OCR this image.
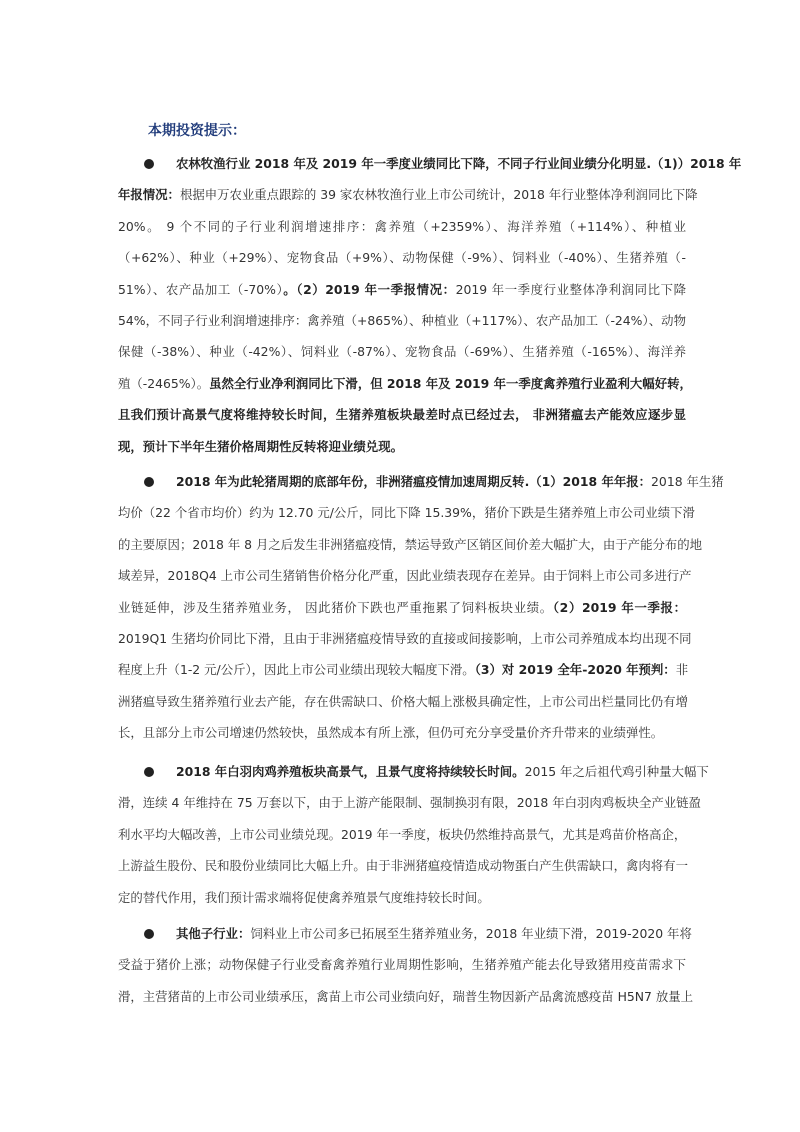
本期投资提示：
农林牧渔行业 2018 年及 2019 年一季度业绩同比下降，不同子行业间业绩分化明显.（1)）2018 年
年报情况：根据申万农业重点跟踪的 39 家农林牧渔行业上市公司统计，2018 年行业整体净利润同比下降
20%。 9 个不同的子行业利润增速排序：禽养殖（+2359%）、海洋养殖（+114%）、种植业
（+62%）、种业（+29%）、宠物食品（+9%）、动物保健（-9%）、饲料业（-40%）、生猪养殖（-
51%）、农产品加工（-70%）。（2）2019 年一季报情况：2019 年一季度行业整体净利润同比下降
54%，不同子行业利润增速排序：禽养殖（+865%）、种植业（+117%）、农产品加工（-24%）、动物
保健（-38%）、种业（-42%）、饲料业（-87%）、宠物食品（-69%）、生猪养殖（-165%）、海洋养
殖（-2465%）。虽然全行业净利润同比下滑，但 2018 年及 2019 年一季度禽养殖行业盈利大幅好转，
且我们预计高景气度将维持较长时间，生猪养殖板块最差时点已经过去， 非洲猪瘟去产能效应逐步显
现，预计下半年生猪价格周期性反转将迎业绩兑现。
2018 年为此轮猪周期的底部年份，非洲猪瘟疫情加速周期反转.（1）2018 年年报：2018 年生猪
均价（22 个省市均价）约为 12.70 元/公斤，同比下降 15.39%，猪价下跌是生猪养殖上市公司业绩下滑
的主要原因；2018 年 8 月之后发生非洲猪瘟疫情，禁运导致产区销区间价差大幅扩大，由于产能分布的地
域差异，2018Q4 上市公司生猪销售价格分化严重，因此业绩表现存在差异。由于饲料上市公司多进行产
业链延伸，涉及生猪养殖业务， 因此猪价下跌也严重拖累了饲料板块业绩。（2）2019 年一季报：
2019Q1 生猪均价同比下滑，且由于非洲猪瘟疫情导致的直接或间接影响，上市公司养殖成本均出现不同
程度上升（1-2 元/公斤），因此上市公司业绩出现较大幅度下滑。（3）对 2019 全年-2020 年预判：非
洲猪瘟导致生猪养殖行业去产能，存在供需缺口、价格大幅上涨极具确定性，上市公司出栏量同比仍有增
长，且部分上市公司增速仍然较快，虽然成本有所上涨，但仍可充分享受量价齐升带来的业绩弹性。
2018 年白羽肉鸡养殖板块高景气，且景气度将持续较长时间。2015 年之后祖代鸡引种量大幅下
滑，连续 4 年维持在 75 万套以下，由于上游产能限制、强制换羽有限，2018 年白羽肉鸡板块全产业链盈
利水平均大幅改善，上市公司业绩兑现。2019 年一季度，板块仍然维持高景气，尤其是鸡苗价格高企，
上游益生股份、民和股份业绩同比大幅上升。由于非洲猪瘟疫情造成动物蛋白产生供需缺口，禽肉将有一
定的替代作用，我们预计需求端将促使禽养殖景气度维持较长时间。
其他子行业：饲料业上市公司多已拓展至生猪养殖业务，2018 年业绩下滑，2019-2020 年将
受益于猪价上涨；动物保健子行业受畜禽养殖行业周期性影响，生猪养殖产能去化导致猪用疫苗需求下
滑，主营猪苗的上市公司业绩承压，禽苗上市公司业绩向好，瑞普生物因新产品禽流感疫苗 H5N7 放量上
